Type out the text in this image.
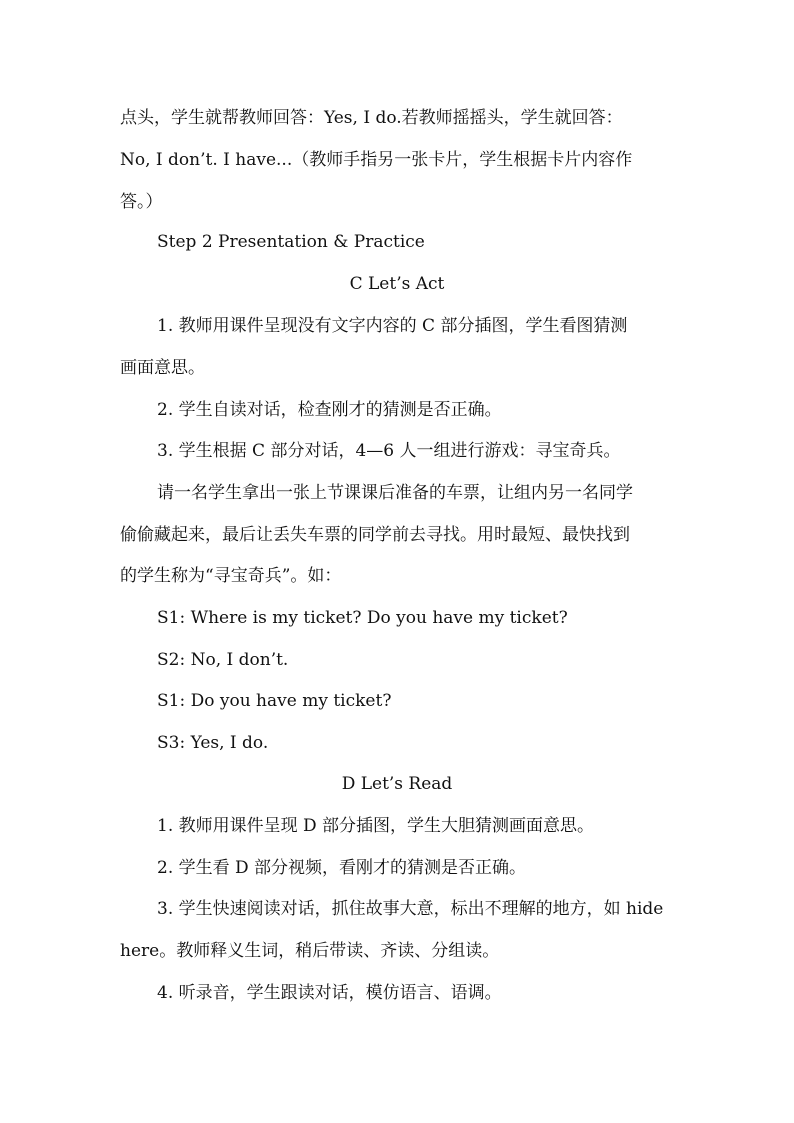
点头，学生就帮教师回答：Yes, I do.若教师摇摇头，学生就回答：
No, I don’t. I have...（教师手指另一张卡片，学生根据卡片内容作
答。）
Step 2 Presentation & Practice
C Let’s Act
1. 教师用课件呈现没有文字内容的 C 部分插图，学生看图猜测
画面意思。
2. 学生自读对话，检查刚才的猜测是否正确。
3. 学生根据 C 部分对话，4—6 人一组进行游戏：寻宝奇兵。
请一名学生拿出一张上节课课后准备的车票，让组内另一名同学
偷偷藏起来，最后让丢失车票的同学前去寻找。用时最短、最快找到
的学生称为“寻宝奇兵”。如：
S1: Where is my ticket? Do you have my ticket?
S2: No, I don’t.
S1: Do you have my ticket?
S3: Yes, I do.
D Let’s Read
1. 教师用课件呈现 D 部分插图，学生大胆猜测画面意思。
2. 学生看 D 部分视频，看刚才的猜测是否正确。
3. 学生快速阅读对话，抓住故事大意，标出不理解的地方，如 hide
here。教师释义生词，稍后带读、齐读、分组读。
4. 听录音，学生跟读对话，模仿语言、语调。
